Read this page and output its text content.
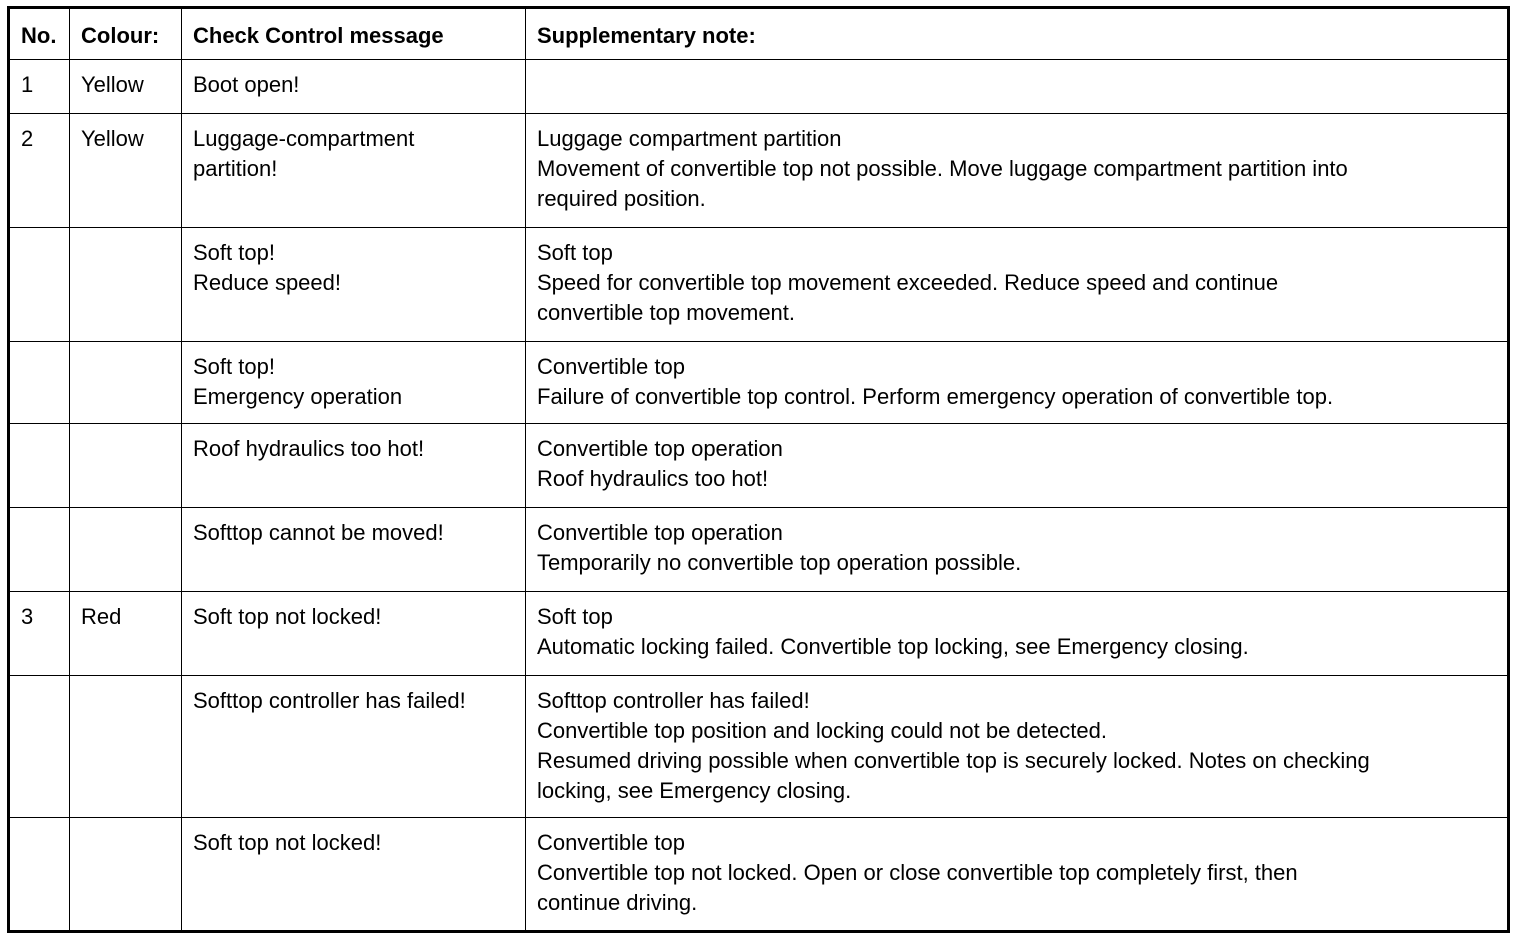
No.	Colour:	Check Control message	Supplementary note:
1	Yellow	Boot open!	

2	Yellow	Luggage-compartment
partition!	Luggage compartment partition
Movement of convertible top not possible. Move luggage compartment partition into
required position.

		Soft top!
Reduce speed!	Soft top
Speed for convertible top movement exceeded. Reduce speed and continue
convertible top movement.

		Soft top!
Emergency operation	Convertible top
Failure of convertible top control. Perform emergency operation of convertible top.

		Roof hydraulics too hot!	Convertible top operation
Roof hydraulics too hot!

		Softtop cannot be moved!	Convertible top operation
Temporarily no convertible top operation possible.

3	Red	Soft top not locked!	Soft top
Automatic locking failed. Convertible top locking, see Emergency closing.

		Softtop controller has failed!	Softtop controller has failed!
Convertible top position and locking could not be detected.
Resumed driving possible when convertible top is securely locked. Notes on checking
locking, see Emergency closing.

		Soft top not locked!	Convertible top
Convertible top not locked. Open or close convertible top completely first, then
continue driving.
